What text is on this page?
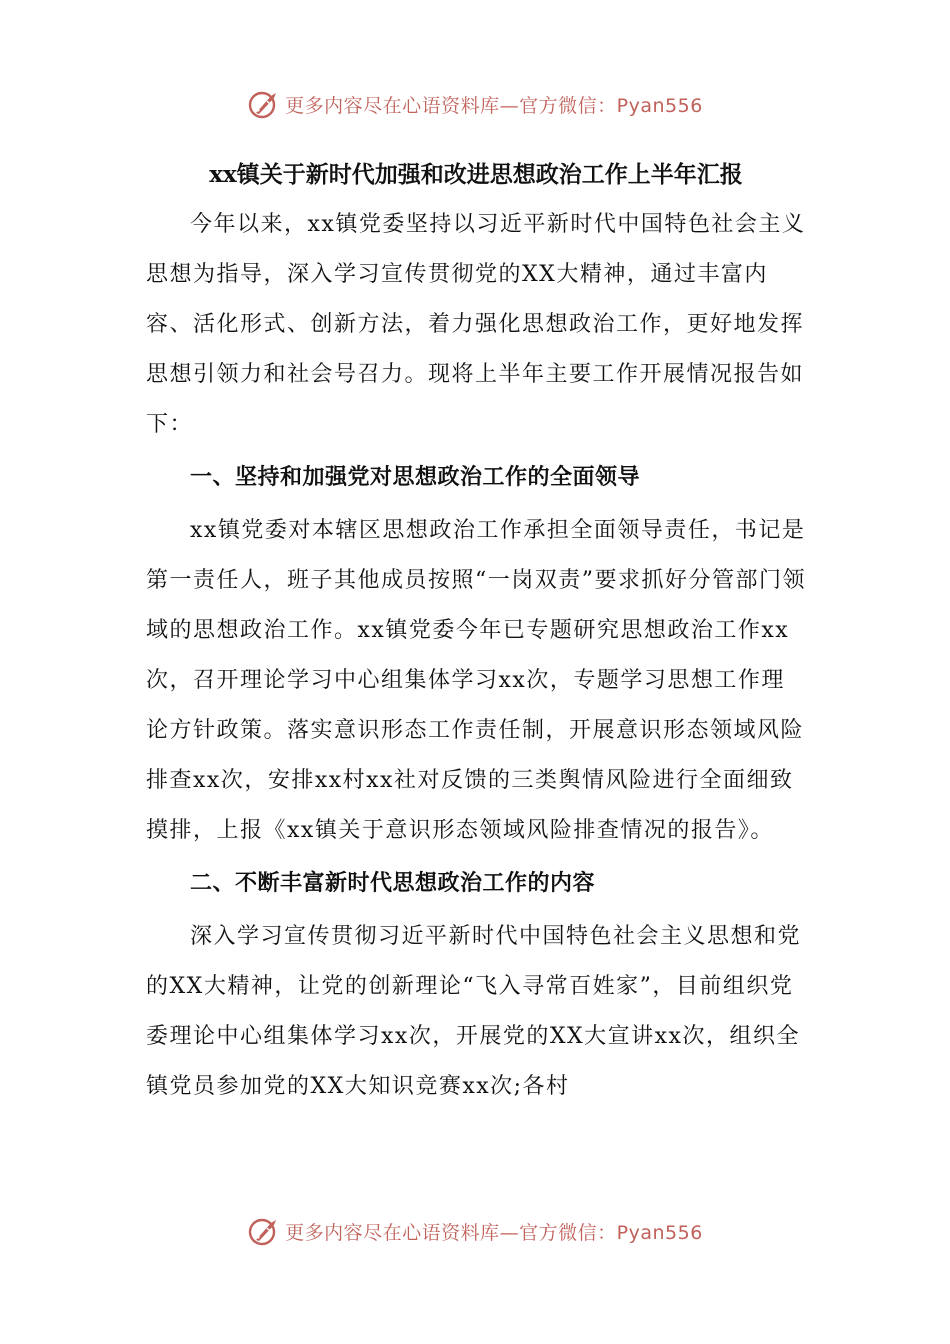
更多内容尽在心语资料库—官方微信：Pyan556
xx镇关于新时代加强和改进思想政治工作上半年汇报

今年以来，xx镇党委坚持以习近平新时代中国特色社会主义思想为指导，深入学习宣传贯彻党的XX大精神，通过丰富内容、活化形式、创新方法，着力强化思想政治工作，更好地发挥思想引领力和社会号召力。现将上半年主要工作开展情况报告如下：

一、坚持和加强党对思想政治工作的全面领导

xx镇党委对本辖区思想政治工作承担全面领导责任，书记是第一责任人，班子其他成员按照“一岗双责”要求抓好分管部门领域的思想政治工作。xx镇党委今年已专题研究思想政治工作xx次，召开理论学习中心组集体学习xx次，专题学习思想工作理论方针政策。落实意识形态工作责任制，开展意识形态领域风险排查xx次，安排xx村xx社对反馈的三类舆情风险进行全面细致摸排，上报《xx镇关于意识形态领域风险排查情况的报告》。

二、不断丰富新时代思想政治工作的内容

深入学习宣传贯彻习近平新时代中国特色社会主义思想和党的XX大精神，让党的创新理论“飞入寻常百姓家”，目前组织党委理论中心组集体学习xx次，开展党的XX大宣讲xx次，组织全镇党员参加党的XX大知识竞赛xx次;各村

更多内容尽在心语资料库—官方微信：Pyan556
